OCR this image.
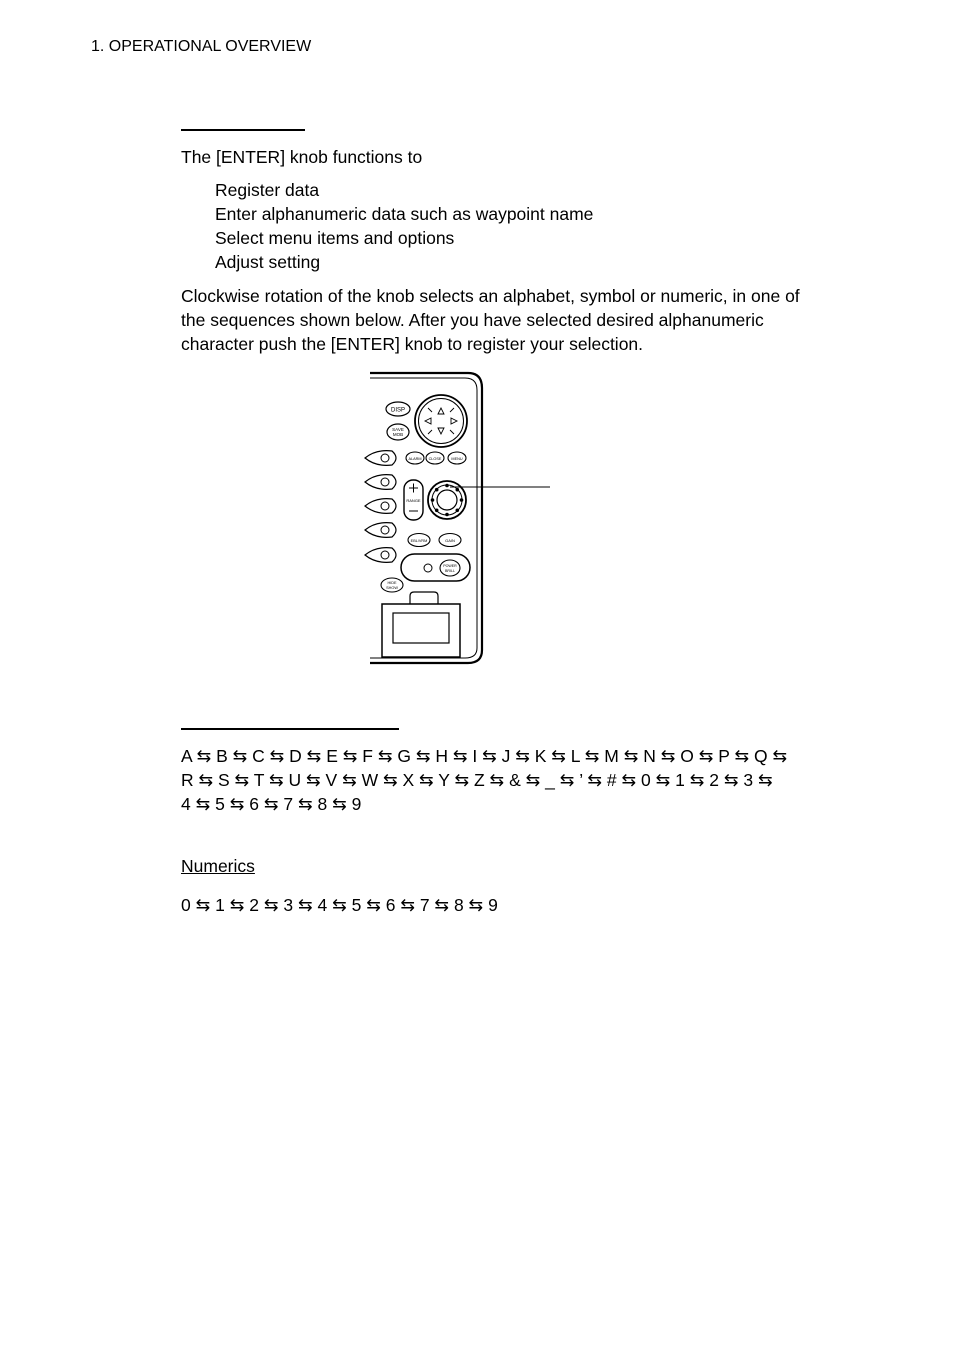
1. OPERATIONAL OVERVIEW
The [ENTER] knob functions to
Register data
Enter alphanumeric data such as waypoint name
Select menu items and options
Adjust setting
Clockwise rotation of the knob selects an alphabet, symbol or numeric, in one of
the sequences shown below. After you have selected desired alphanumeric
character push the [ENTER] knob to register your selection.
DISP
SAVE
MOB
ALARM CLOSE	MENU
RANGE
EBL/VRM	GAIN
POWER
BRILL
HIDE
SHOW
A ⇆ B ⇆ C ⇆ D ⇆ E ⇆ F ⇆ G ⇆ H ⇆ I ⇆ J ⇆ K ⇆ L ⇆ M ⇆ N ⇆ O ⇆ P ⇆ Q ⇆
R ⇆ S ⇆ T ⇆ U ⇆ V ⇆ W ⇆ X ⇆ Y ⇆ Z ⇆ & ⇆ _ ⇆ ’ ⇆ # ⇆ 0 ⇆ 1 ⇆ 2 ⇆ 3 ⇆
4 ⇆ 5 ⇆ 6 ⇆ 7 ⇆ 8 ⇆ 9
Numerics
0 ⇆ 1 ⇆ 2 ⇆ 3 ⇆ 4 ⇆ 5 ⇆ 6 ⇆ 7 ⇆ 8 ⇆ 9
